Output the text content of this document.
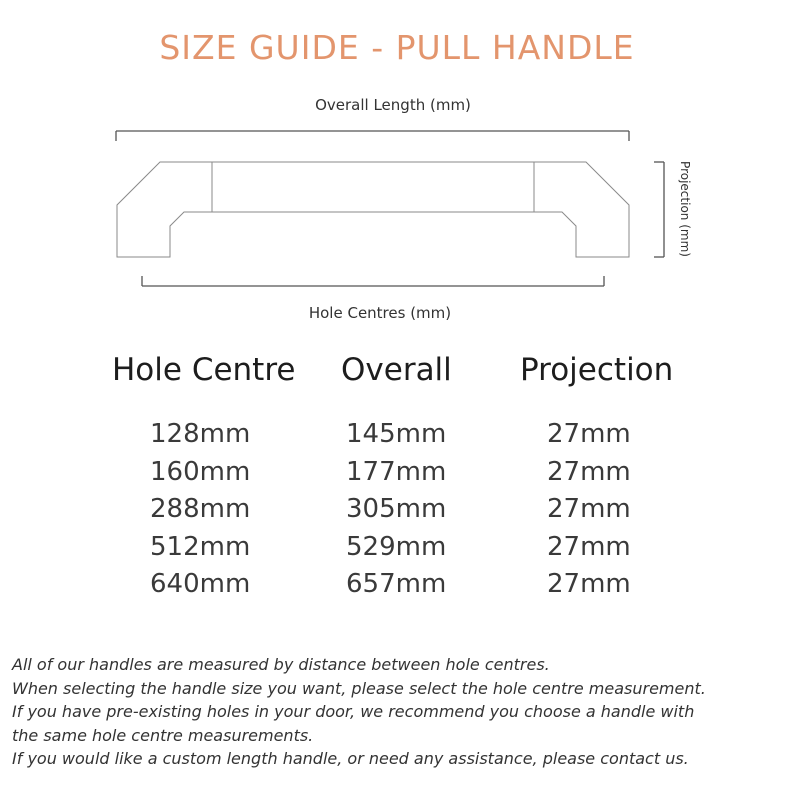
SIZE GUIDE - PULL HANDLE
Overall Length (mm)
Projection (mm)
Hole Centres (mm)
Hole Centre
128mm
160mm
288mm
512mm
640mm
Overall
145mm
177mm
305mm
529mm
657mm
Projection
27mm
27mm
27mm
27mm
27mm
All of our handles are measured by distance between hole centres.
When selecting the handle size you want, please select the hole centre measurement.
If you have pre-existing holes in your door, we recommend you choose a handle with
the same hole centre measurements.
If you would like a custom length handle, or need any assistance, please contact us.
